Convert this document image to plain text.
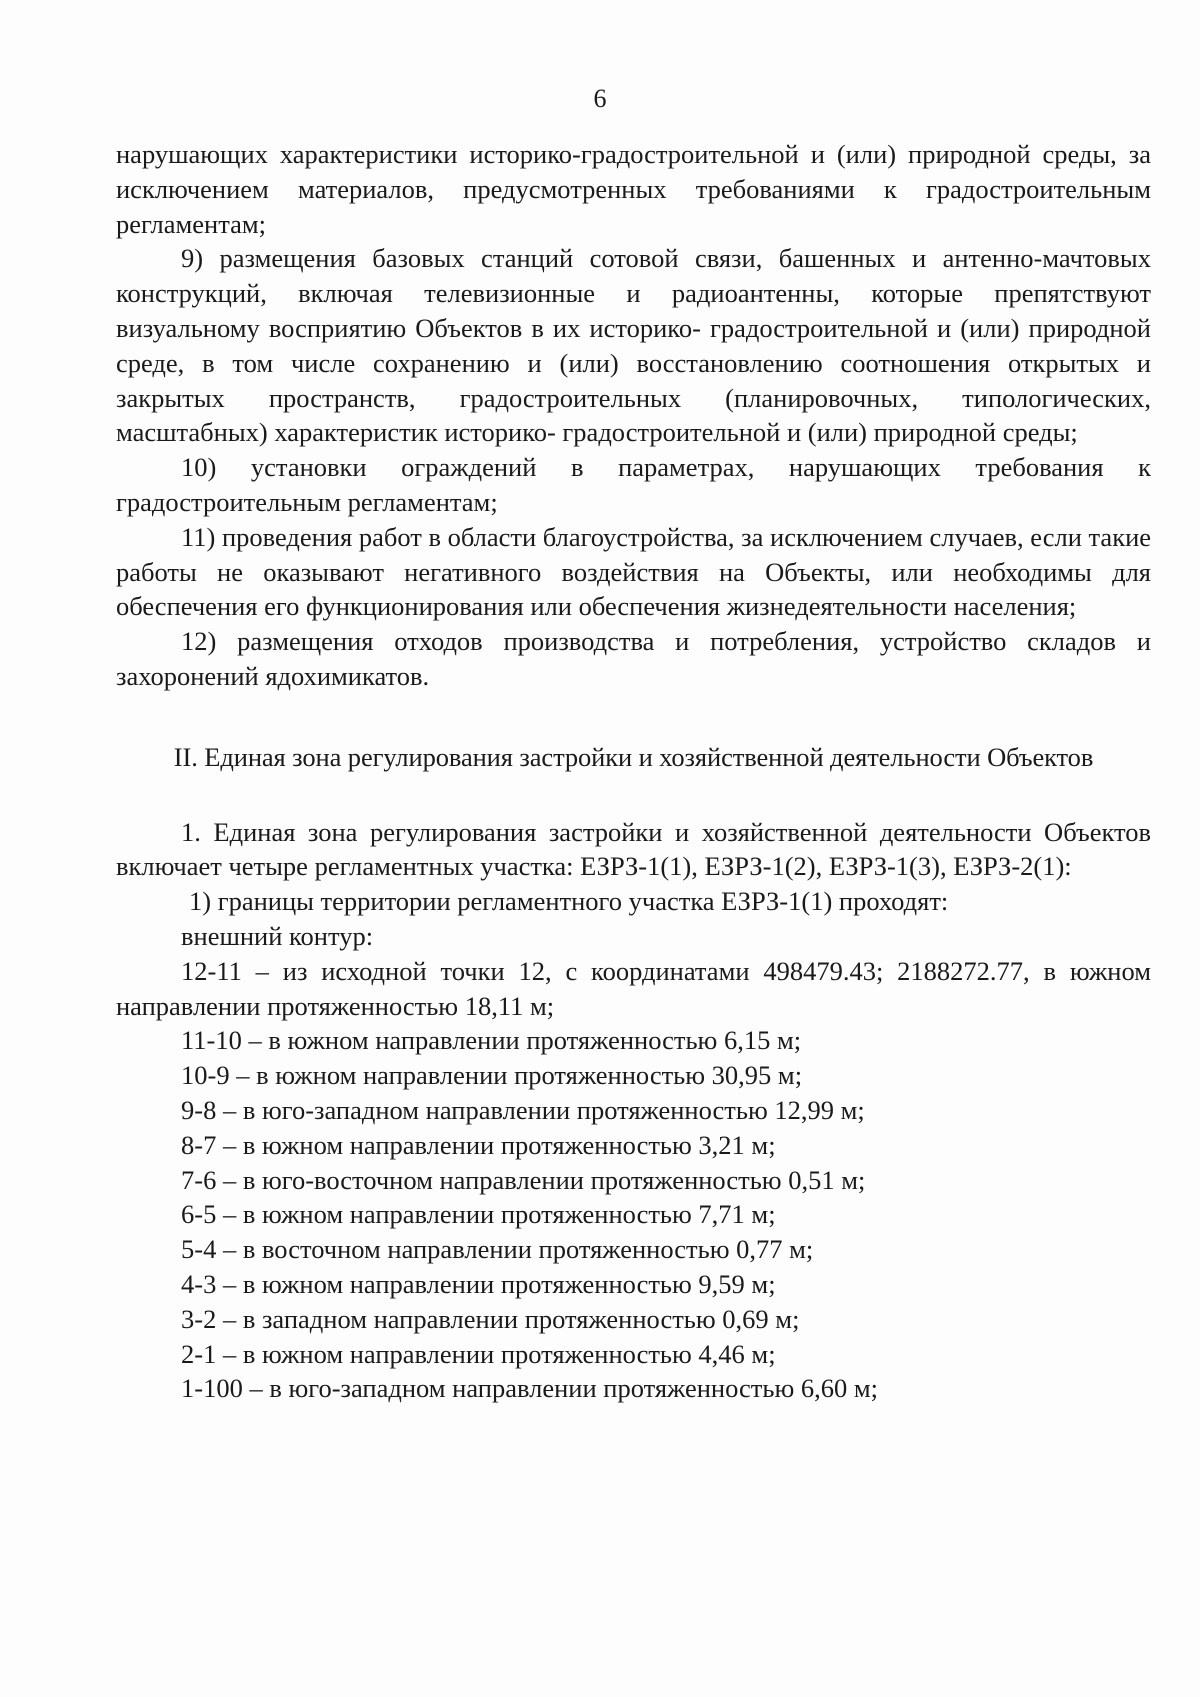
6

нарушающих характеристики историко-градостроительной и (или) природной среды, за исключением материалов, предусмотренных требованиями к градостроительным регламентам;

9) размещения базовых станций сотовой связи, башенных и антенно-мачтовых конструкций, включая телевизионные и радиоантенны, которые препятствуют визуальному восприятию Объектов в их историко- градостроительной и (или) природной среде, в том числе сохранению и (или) восстановлению соотношения открытых и закрытых пространств, градостроительных (планировочных, типологических, масштабных) характеристик историко- градостроительной и (или) природной среды;

10) установки ограждений в параметрах, нарушающих требования к градостроительным регламентам;

11) проведения работ в области благоустройства, за исключением случаев, если такие работы не оказывают негативного воздействия на Объекты, или необходимы для обеспечения его функционирования или обеспечения жизнедеятельности населения;

12) размещения отходов производства и потребления, устройство складов и захоронений ядохимикатов.

II. Единая зона регулирования застройки и хозяйственной деятельности Объектов

1. Единая зона регулирования застройки и хозяйственной деятельности Объектов включает четыре регламентных участка: ЕЗРЗ-1(1), ЕЗРЗ-1(2), ЕЗРЗ-1(3), ЕЗРЗ-2(1):

1) границы территории регламентного участка ЕЗРЗ-1(1) проходят:

внешний контур:

12-11 – из исходной точки 12, с координатами 498479.43; 2188272.77, в южном направлении протяженностью 18,11 м;

11-10 – в южном направлении протяженностью 6,15 м;

10-9 – в южном направлении протяженностью 30,95 м;

9-8 – в юго-западном направлении протяженностью 12,99 м;

8-7 – в южном направлении протяженностью 3,21 м;

7-6 – в юго-восточном направлении протяженностью 0,51 м;

6-5 – в южном направлении протяженностью 7,71 м;

5-4 – в восточном направлении протяженностью 0,77 м;

4-3 – в южном направлении протяженностью 9,59 м;

3-2 – в западном направлении протяженностью 0,69 м;

2-1 – в южном направлении протяженностью 4,46 м;

1-100 – в юго-западном направлении протяженностью 6,60 м;
